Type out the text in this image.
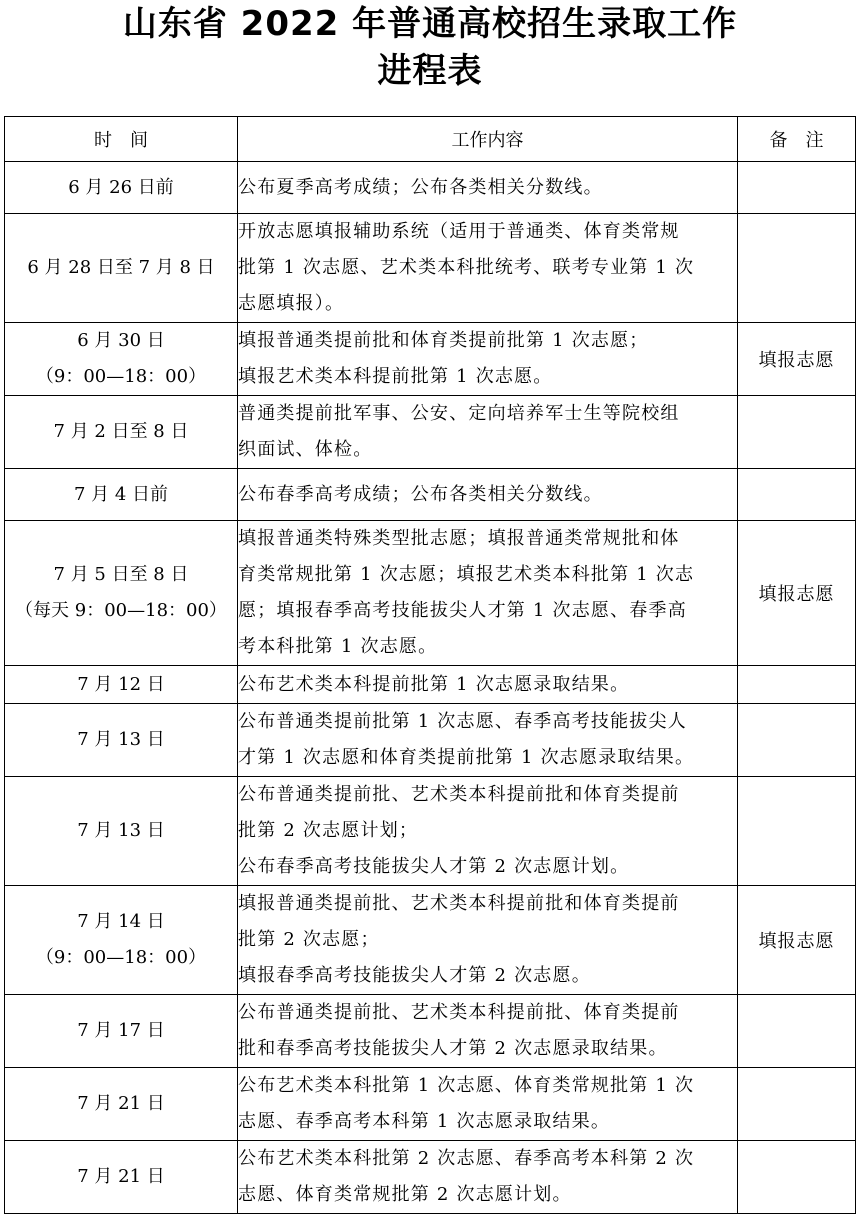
山东省 2022 年普通高校招生录取工作
进程表
时　间	工作内容	备　注

6 月 26 日前	公布夏季高考成绩；公布各类相关分数线。	

6 月 28 日至 7 月 8 日	开放志愿填报辅助系统（适用于普通类、体育类常规
批第 1 次志愿、艺术类本科批统考、联考专业第 1 次
志愿填报）。	

6 月 30 日
（9：00—18：00）	填报普通类提前批和体育类提前批第 1 次志愿；
填报艺术类本科提前批第 1 次志愿。	填报志愿

7 月 2 日至 8 日	普通类提前批军事、公安、定向培养军士生等院校组
织面试、体检。	

7 月 4 日前	公布春季高考成绩；公布各类相关分数线。	

7 月 5 日至 8 日
（每天 9：00—18：00）	填报普通类特殊类型批志愿；填报普通类常规批和体
育类常规批第 1 次志愿；填报艺术类本科批第 1 次志
愿；填报春季高考技能拔尖人才第 1 次志愿、春季高
考本科批第 1 次志愿。	填报志愿

7 月 12 日	公布艺术类本科提前批第 1 次志愿录取结果。	

7 月 13 日	公布普通类提前批第 1 次志愿、春季高考技能拔尖人
才第 1 次志愿和体育类提前批第 1 次志愿录取结果。	

7 月 13 日	公布普通类提前批、艺术类本科提前批和体育类提前
批第 2 次志愿计划；
公布春季高考技能拔尖人才第 2 次志愿计划。	

7 月 14 日
（9：00—18：00）	填报普通类提前批、艺术类本科提前批和体育类提前
批第 2 次志愿；
填报春季高考技能拔尖人才第 2 次志愿。	填报志愿

7 月 17 日	公布普通类提前批、艺术类本科提前批、体育类提前
批和春季高考技能拔尖人才第 2 次志愿录取结果。	

7 月 21 日	公布艺术类本科批第 1 次志愿、体育类常规批第 1 次
志愿、春季高考本科第 1 次志愿录取结果。	

7 月 21 日	公布艺术类本科批第 2 次志愿、春季高考本科第 2 次
志愿、体育类常规批第 2 次志愿计划。	
